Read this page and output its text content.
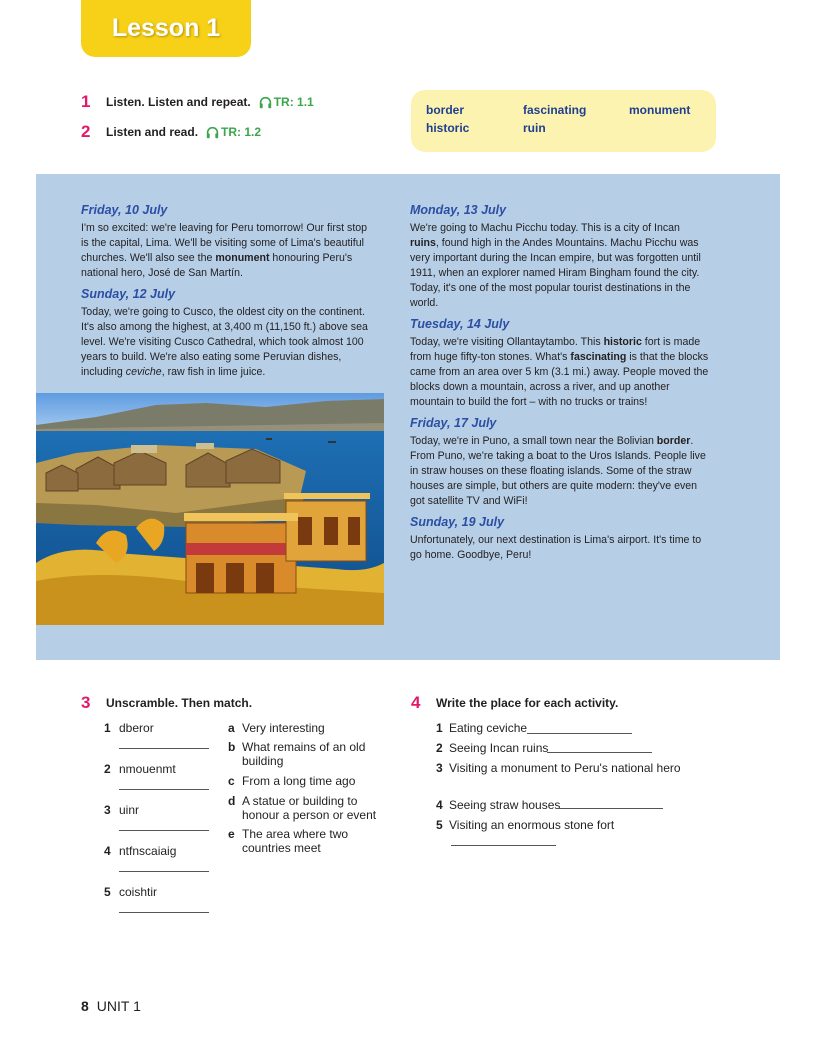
Lesson 1
1	Listen. Listen and repeat. TR: 1.1
2	Listen and read. TR: 1.2
border	fascinating	monument
historic	ruin
Friday, 10 July

I'm so excited: we're leaving for Peru tomorrow! Our first stop is the capital, Lima. We'll be visiting some of Lima's beautiful churches. We'll also see the monument honouring Peru's national hero, José de San Martín.

Sunday, 12 July

Today, we're going to Cusco, the oldest city on the continent. It's also among the highest, at 3,400 m (11,150 ft.) above sea level. We're visiting Cusco Cathedral, which took almost 100 years to build. We're also eating some Peruvian dishes, including ceviche, raw fish in lime juice.

Monday, 13 July

We're going to Machu Picchu today. This is a city of Incan ruins, found high in the Andes Mountains. Machu Picchu was very important during the Incan empire, but was forgotten until 1911, when an explorer named Hiram Bingham found the city. Today, it's one of the most popular tourist destinations in the world.

Tuesday, 14 July

Today, we're visiting Ollantaytambo. This historic fort is made from huge fifty-ton stones. What's fascinating is that the blocks came from an area over 5 km (3.1 mi.) away. People moved the blocks down a mountain, across a river, and up another mountain to build the fort – with no trucks or trains!

Friday, 17 July

Today, we're in Puno, a small town near the Bolivian border. From Puno, we're taking a boat to the Uros Islands. People live in straw houses on these floating islands. Some of the straw houses are simple, but others are quite modern: they've even got satellite TV and WiFi!

Sunday, 19 July

Unfortunately, our next destination is Lima's airport. It's time to go home. Goodbye, Peru!

3	Unscramble. Then match.
1 dberor
2 nmouenmt
3 uinr
4 ntfnscaiaig
5 coishtir
a Very interesting
b What remains of an old building
c From a long time ago
d A statue or building to honour a person or event
e The area where two countries meet
4	Write the place for each activity.
1 Eating ceviche
2 Seeing Incan ruins
3 Visiting a monument to Peru's national hero
4 Seeing straw houses
5 Visiting an enormous stone fort
8 UNIT 1
